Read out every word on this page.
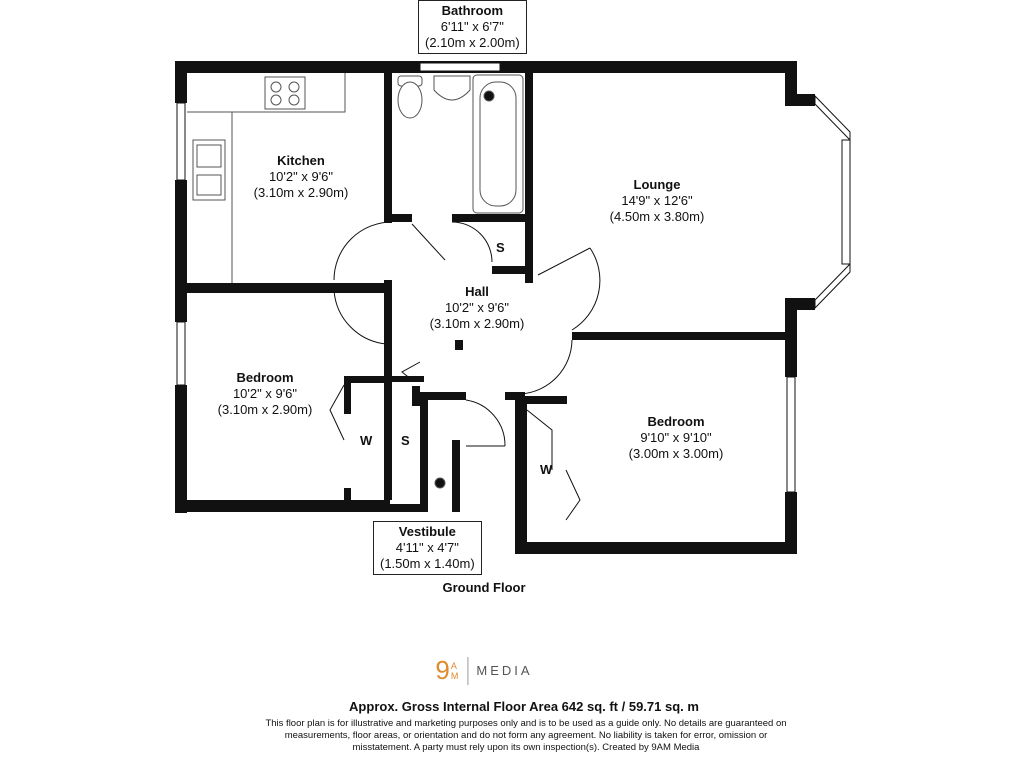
Bathroom
6'11" x 6'7"
(2.10m x 2.00m)
Kitchen
10'2" x 9'6"
(3.10m x 2.90m)
Lounge
14'9" x 12'6"
(4.50m x 3.80m)
Hall
10'2" x 9'6"
(3.10m x 2.90m)
Bedroom
10'2" x 9'6"
(3.10m x 2.90m)
Bedroom
9'10" x 9'10"
(3.00m x 3.00m)
Vestibule
4'11" x 4'7"
(1.50m x 1.40m)
S
W S
W
Ground Floor
9 A
M MEDIA
Approx. Gross Internal Floor Area 642 sq. ft / 59.71 sq. m
This floor plan is for illustrative and marketing purposes only and is to be used as a guide only. No details are guaranteed on measurements, floor areas, or orientation and do not form any agreement. No liability is taken for error, omission or misstatement. A party must rely upon its own inspection(s). Created by 9AM Media
